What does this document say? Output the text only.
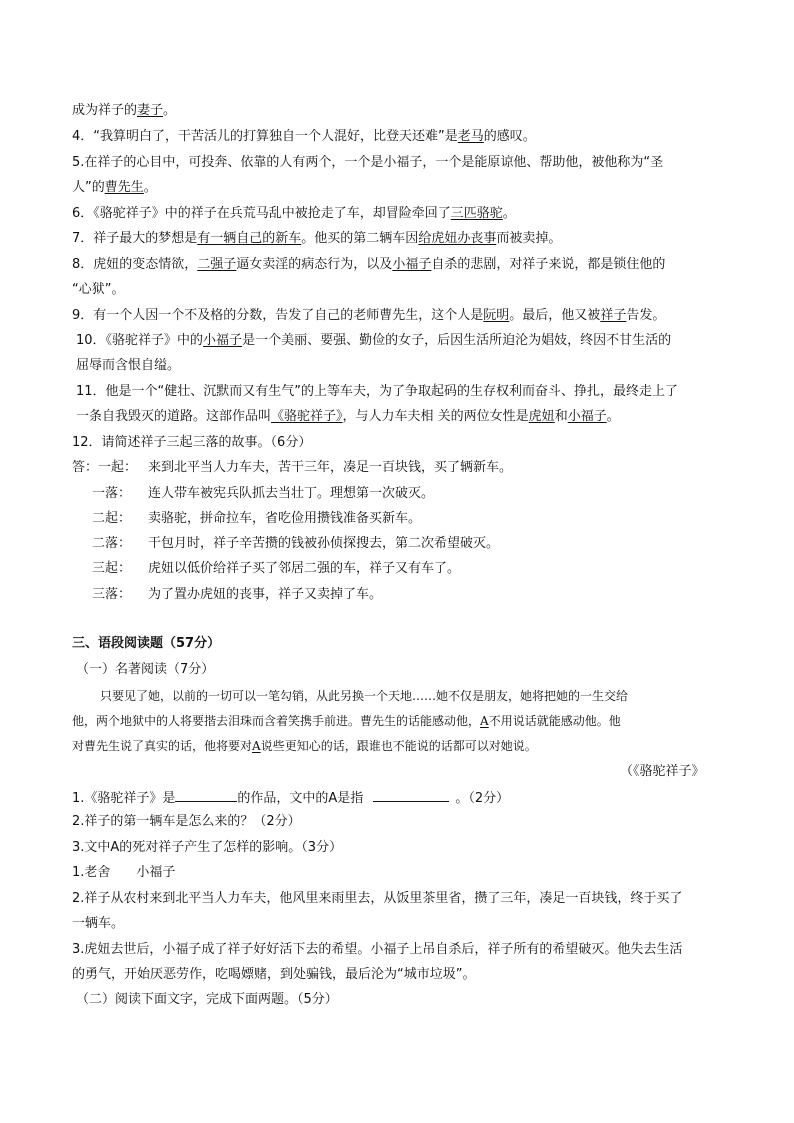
成为祥子的妻子。
4．“我算明白了，干苦活儿的打算独自一个人混好，比登天还难”是老马的感叹。
5.在祥子的心目中，可投奔、依靠的人有两个，一个是小福子，一个是能原谅他、帮助他，被他称为“圣
人”的曹先生。
6．《骆驼祥子》中的祥子在兵荒马乱中被抢走了车，却冒险牵回了三匹骆驼。
7．祥子最大的梦想是有一辆自己的新车。他买的第二辆车因给虎妞办丧事而被卖掉。
8．虎妞的变态情欲，二强子逼女卖淫的病态行为，以及小福子自杀的悲剧，对祥子来说，都是锁住他的
“心狱”。
9．有一个人因一个不及格的分数，告发了自己的老师曹先生，这个人是阮明。最后，他又被祥子告发。
10．《骆驼祥子》中的小福子是一个美丽、要强、勤俭的女子，后因生活所迫沦为娼妓，终因不甘生活的
屈辱而含恨自缢。
11．他是一个“健壮、沉默而又有生气”的上等车夫，为了争取起码的生存权利而奋斗、挣扎，最终走上了
一条自我毁灭的道路。这部作品叫《骆驼祥子》，与人力车夫相 关的两位女性是虎妞和小福子。
12．请简述祥子三起三落的故事。（6分）
答：一起： 来到北平当人力车夫，苦干三年，凑足一百块钱，买了辆新车。
一落： 连人带车被宪兵队抓去当壮丁。理想第一次破灭。
二起： 卖骆驼，拼命拉车，省吃俭用攒钱准备买新车。
二落： 干包月时，祥子辛苦攒的钱被孙侦探搜去，第二次希望破灭。
三起： 虎妞以低价给祥子买了邻居二强的车，祥子又有车了。
三落： 为了置办虎妞的丧事，祥子又卖掉了车。
三、语段阅读题（57分）
（一）名著阅读（7分）
只要见了她，以前的一切可以一笔勾销，从此另换一个天地……她不仅是朋友，她将把她的一生交给
他，两个地狱中的人将要揩去泪珠而含着笑携手前进。曹先生的话能感动他，A不用说话就能感动他。他
对曹先生说了真实的话，他将要对A说些更知心的话，跟谁也不能说的话都可以对她说。
（《骆驼祥子》
1.《骆驼祥子》是	的作品，文中的A是指	。（2分）
2.祥子的第一辆车是怎么来的？（2分）
3.文中A的死对祥子产生了怎样的影响。（3分）
1.老舍　　小福子
2.祥子从农村来到北平当人力车夫，他风里来雨里去，从饭里茶里省，攒了三年，凑足一百块钱，终于买了
一辆车。
3.虎妞去世后，小福子成了祥子好好活下去的希望。小福子上吊自杀后，祥子所有的希望破灭。他失去生活
的勇气，开始厌恶劳作，吃喝嫖赌，到处骗钱，最后沦为“城市垃圾”。
（二）阅读下面文字，完成下面两题。（5分）
